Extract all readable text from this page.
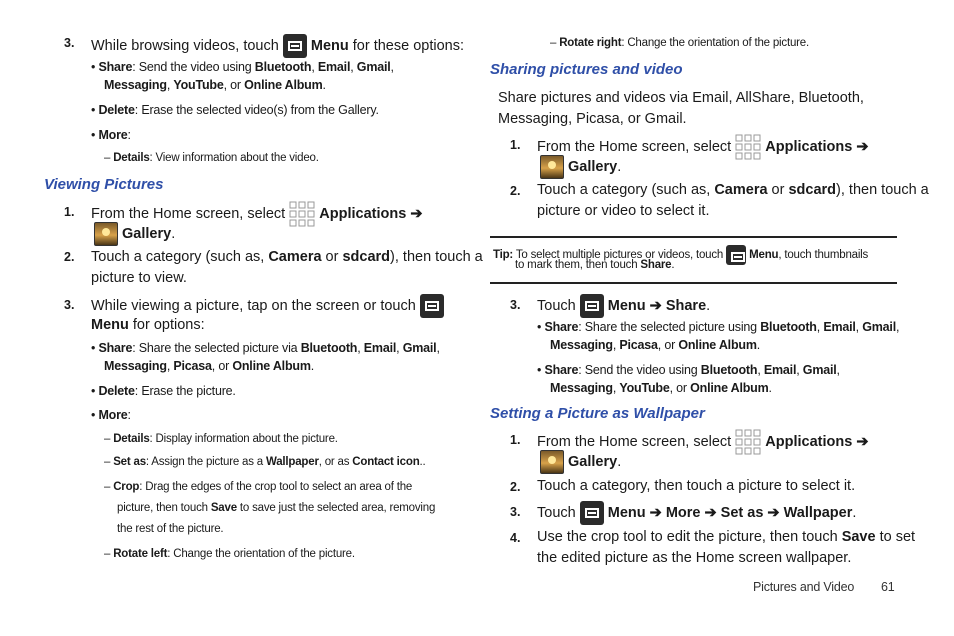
3. While browsing videos, touch Menu for these options:
• Share: Send the video using Bluetooth, Email, Gmail,
Messaging, YouTube, or Online Album.
• Delete: Erase the selected video(s) from the Gallery.
• More:
– Details: View information about the video.
Viewing Pictures
1. From the Home screen, select Applications ➔
Gallery.
2. Touch a category (such as, Camera or sdcard), then touch a
picture to view.
3. While viewing a picture, tap on the screen or touch
Menu for options:
• Share: Share the selected picture via Bluetooth, Email, Gmail,
Messaging, Picasa, or Online Album.
• Delete: Erase the picture.
• More:
– Details: Display information about the picture.
– Set as: Assign the picture as a Wallpaper, or as Contact icon..
– Crop: Drag the edges of the crop tool to select an area of the
picture, then touch Save to save just the selected area, removing
the rest of the picture.
– Rotate left: Change the orientation of the picture.
– Rotate right: Change the orientation of the picture.
Sharing pictures and video
Share pictures and videos via Email, AllShare, Bluetooth,
Messaging, Picasa, or Gmail.
1. From the Home screen, select Applications ➔
Gallery.
2. Touch a category (such as, Camera or sdcard), then touch a
picture or video to select it.
Tip: To select multiple pictures or videos, touch Menu, touch thumbnails
to mark them, then touch Share.
3. Touch Menu ➔ Share.
• Share: Share the selected picture using Bluetooth, Email, Gmail,
Messaging, Picasa, or Online Album.
• Share: Send the video using Bluetooth, Email, Gmail,
Messaging, YouTube, or Online Album.
Setting a Picture as Wallpaper
1. From the Home screen, select Applications ➔
Gallery.
2. Touch a category, then touch a picture to select it.
3. Touch Menu ➔ More ➔ Set as ➔ Wallpaper.
4. Use the crop tool to edit the picture, then touch Save to set
the edited picture as the Home screen wallpaper.
Pictures and Video 61
